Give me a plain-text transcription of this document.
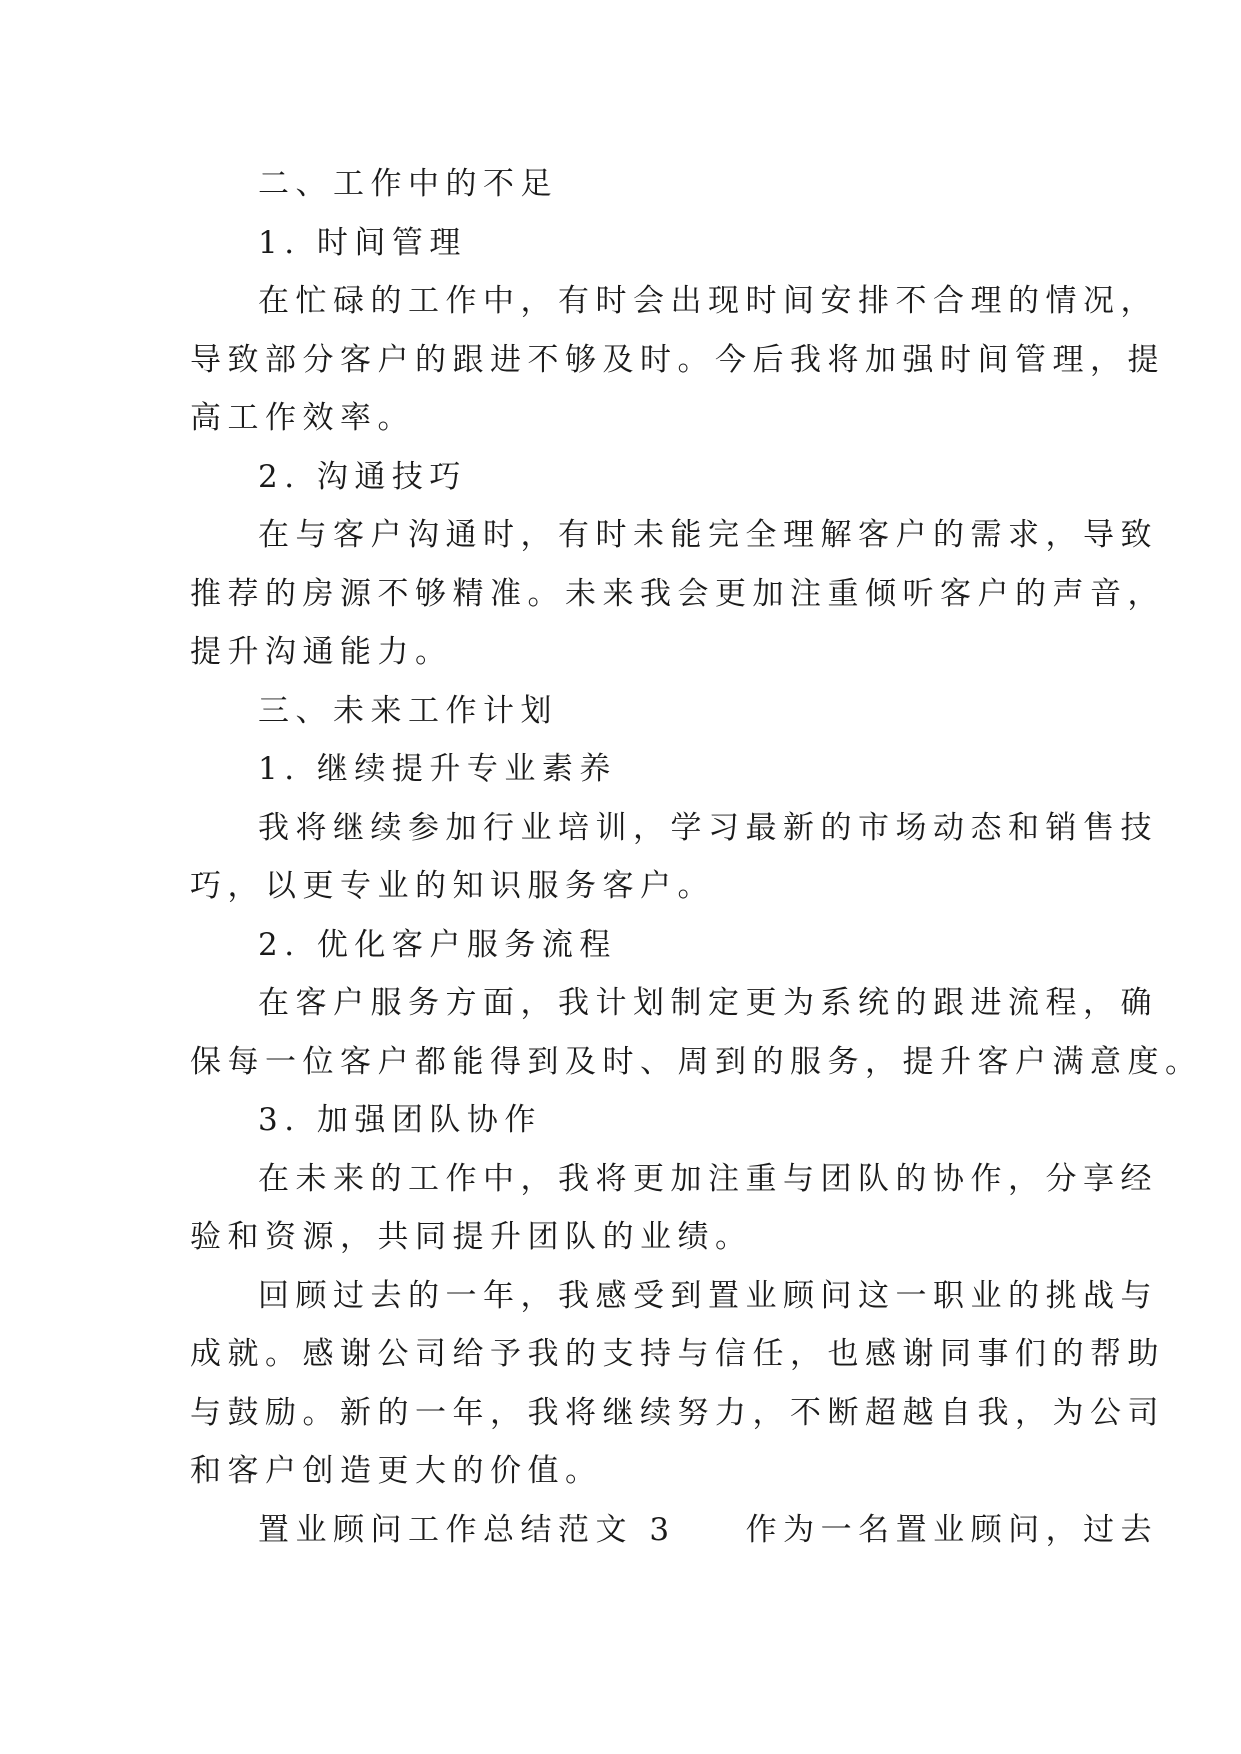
二、工作中的不足
1. 时间管理
在忙碌的工作中，有时会出现时间安排不合理的情况，
导致部分客户的跟进不够及时。今后我将加强时间管理，提
高工作效率。
2. 沟通技巧
在与客户沟通时，有时未能完全理解客户的需求，导致
推荐的房源不够精准。未来我会更加注重倾听客户的声音，
提升沟通能力。
三、未来工作计划
1. 继续提升专业素养
我将继续参加行业培训，学习最新的市场动态和销售技
巧，以更专业的知识服务客户。
2. 优化客户服务流程
在客户服务方面，我计划制定更为系统的跟进流程，确
保每一位客户都能得到及时、周到的服务，提升客户满意度。
3. 加强团队协作
在未来的工作中，我将更加注重与团队的协作，分享经
验和资源，共同提升团队的业绩。
回顾过去的一年，我感受到置业顾问这一职业的挑战与
成就。感谢公司给予我的支持与信任，也感谢同事们的帮助
与鼓励。新的一年，我将继续努力，不断超越自我，为公司
和客户创造更大的价值。
置业顾问工作总结范文 3 作为一名置业顾问，过去
